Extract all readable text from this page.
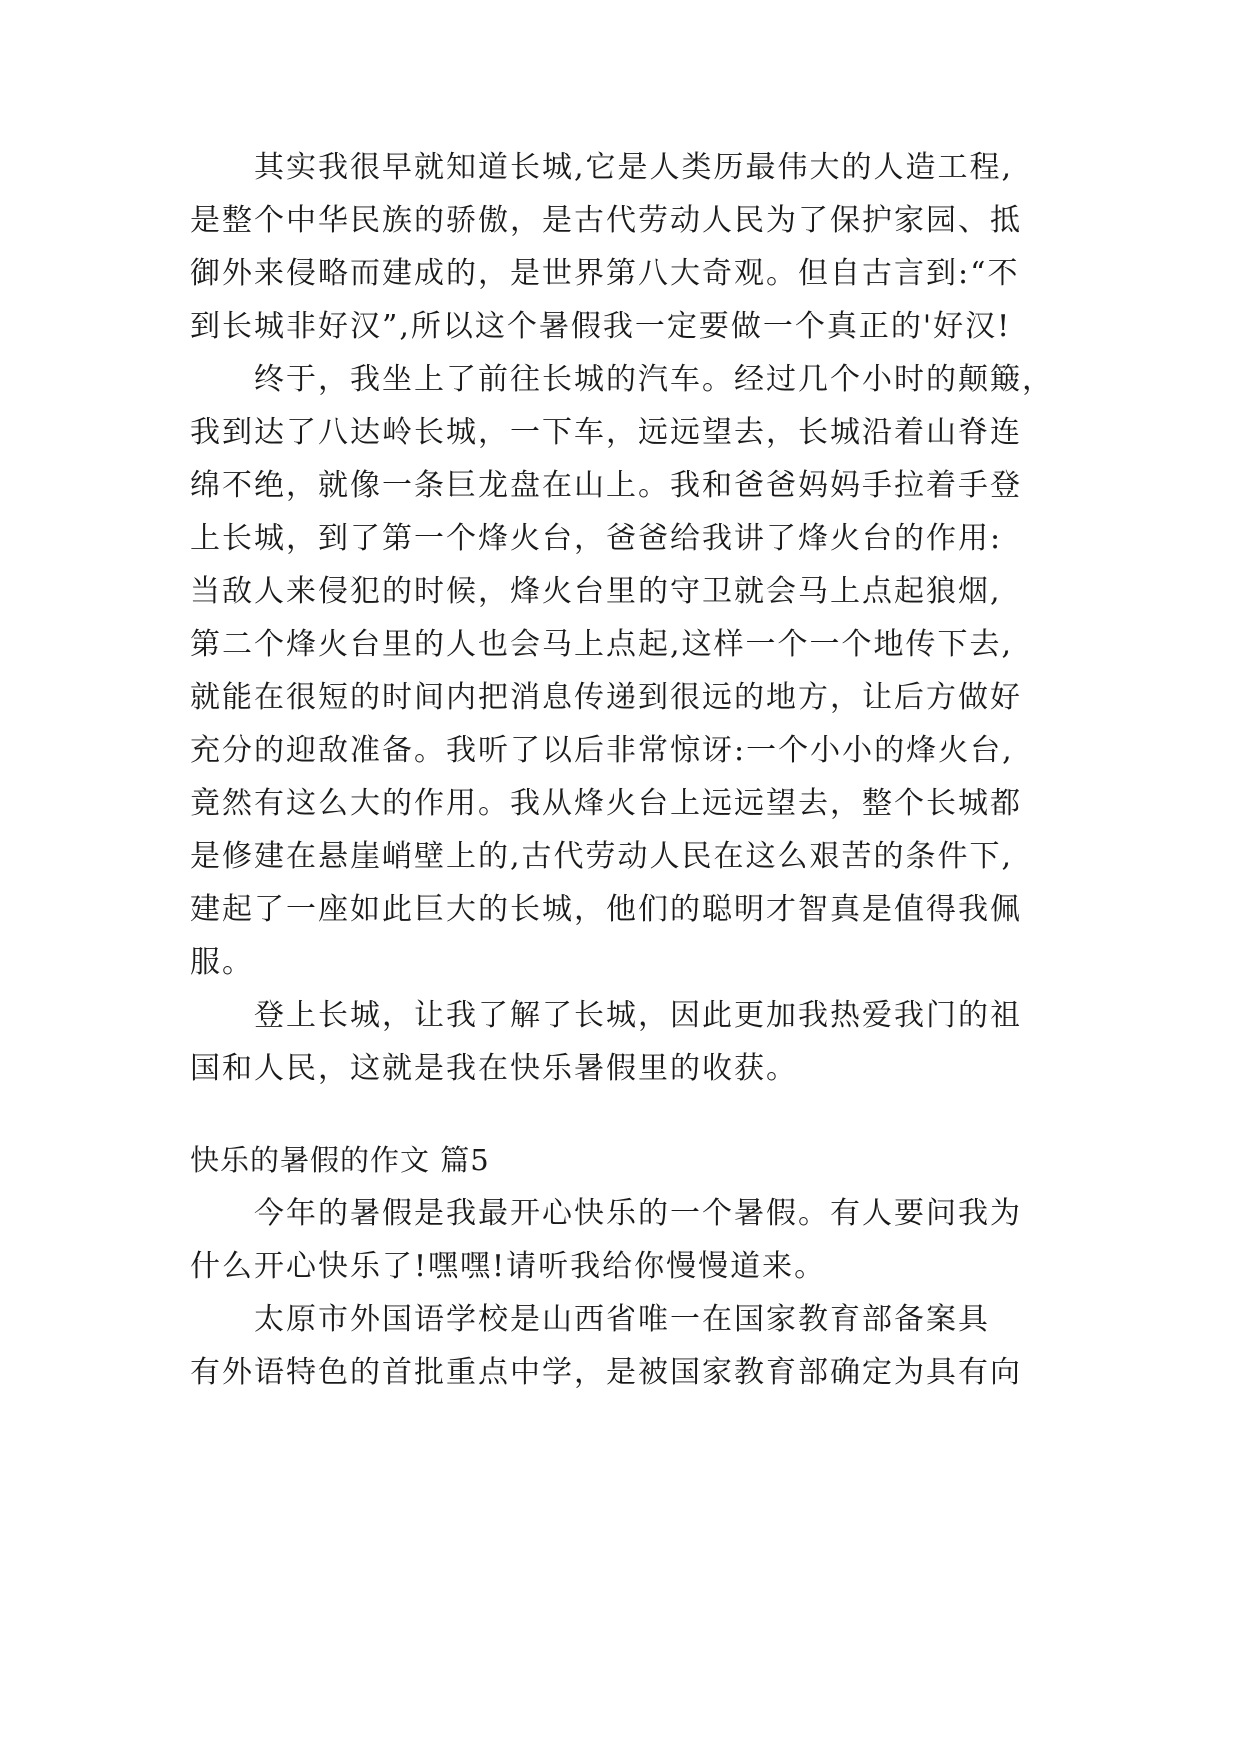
其实我很早就知道长城,它是人类历最伟大的人造工程,
是整个中华民族的骄傲，是古代劳动人民为了保护家园、抵
御外来侵略而建成的，是世界第八大奇观。但自古言到:“不
到长城非好汉”,所以这个暑假我一定要做一个真正的'好汉!
终于，我坐上了前往长城的汽车。经过几个小时的颠簸，
我到达了八达岭长城，一下车，远远望去，长城沿着山脊连
绵不绝，就像一条巨龙盘在山上。我和爸爸妈妈手拉着手登
上长城，到了第一个烽火台，爸爸给我讲了烽火台的作用:
当敌人来侵犯的时候，烽火台里的守卫就会马上点起狼烟,
第二个烽火台里的人也会马上点起,这样一个一个地传下去,
就能在很短的时间内把消息传递到很远的地方，让后方做好
充分的迎敌准备。我听了以后非常惊讶:一个小小的烽火台,
竟然有这么大的作用。我从烽火台上远远望去，整个长城都
是修建在悬崖峭壁上的,古代劳动人民在这么艰苦的条件下,
建起了一座如此巨大的长城，他们的聪明才智真是值得我佩
服。
登上长城，让我了解了长城，因此更加我热爱我门的祖
国和人民，这就是我在快乐暑假里的收获。
快乐的暑假的作文 篇5
今年的暑假是我最开心快乐的一个暑假。有人要问我为
什么开心快乐了!嘿嘿!请听我给你慢慢道来。
太原市外国语学校是山西省唯一在国家教育部备案具
有外语特色的首批重点中学，是被国家教育部确定为具有向
